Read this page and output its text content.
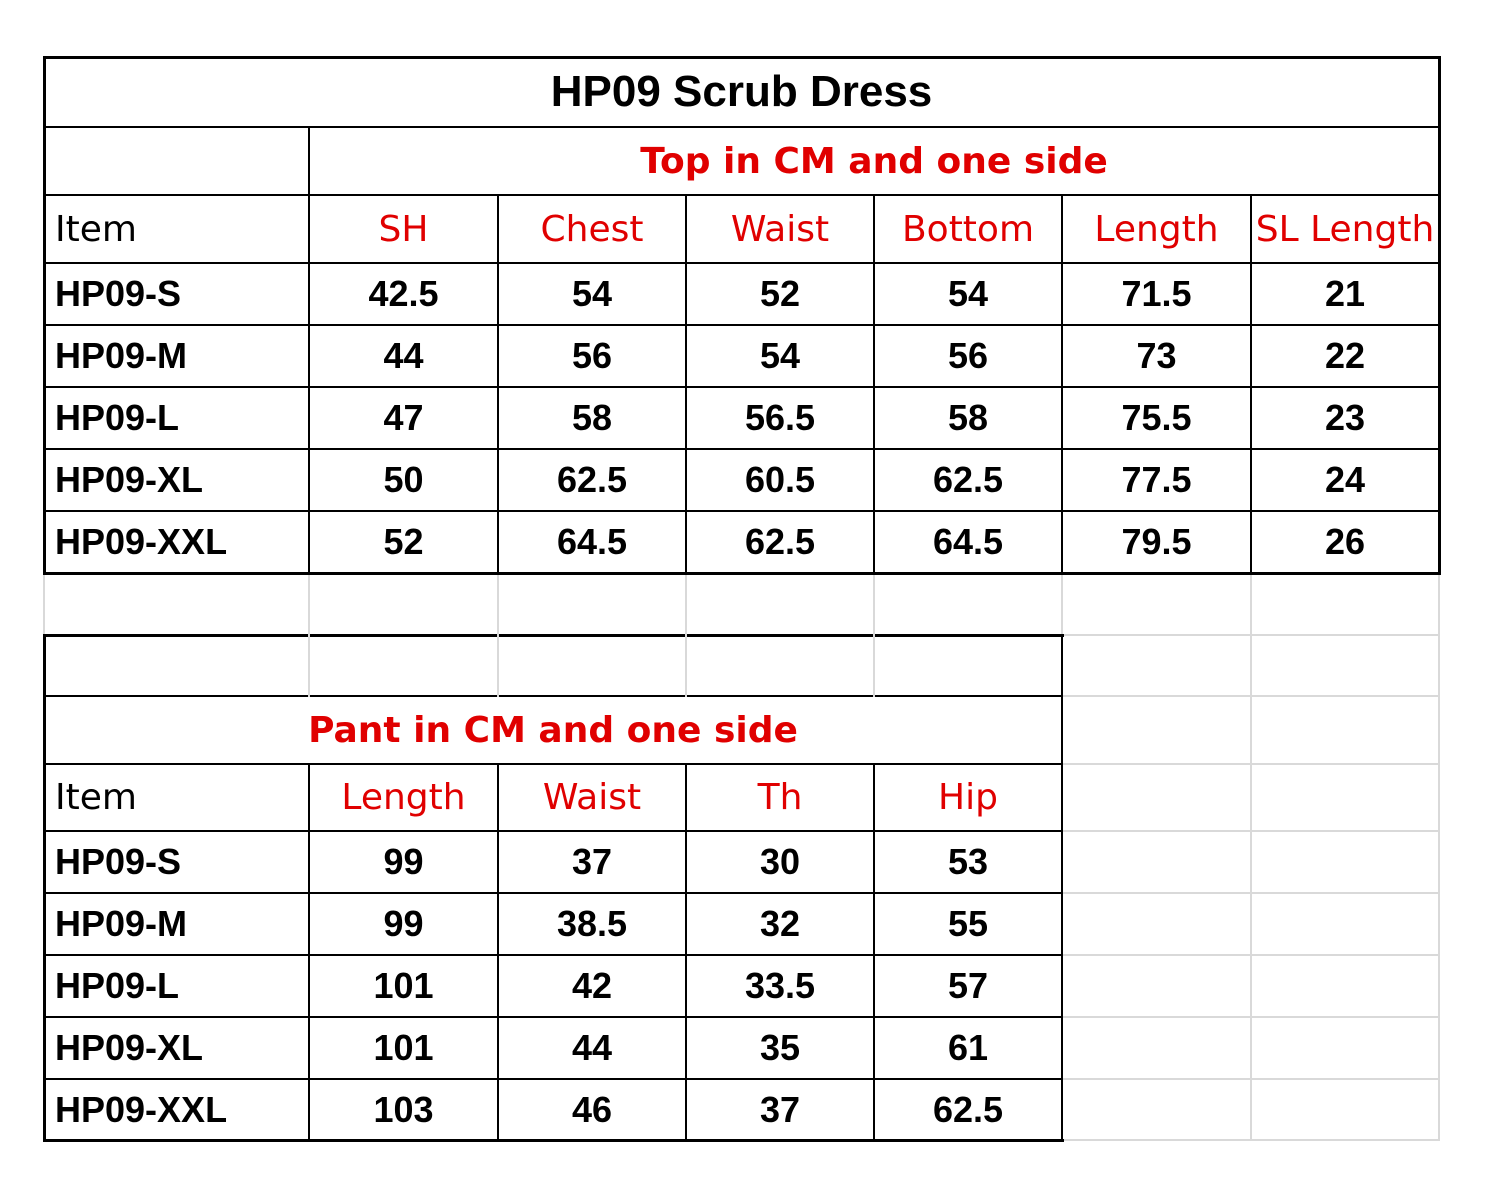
HP09 Scrub Dress
Top in CM and one side
Item	SH	Chest	Waist	Bottom	Length	SL Length
HP09-S	42.5	54	52	54	71.5	21
HP09-M	44	56	54	56	73	22
HP09-L	47	58	56.5	58	75.5	23
HP09-XL	50	62.5	60.5	62.5	77.5	24
HP09-XXL	52	64.5	62.5	64.5	79.5	26
Pant in CM and one side
Item	Length	Waist	Th	Hip
HP09-S	99	37	30	53
HP09-M	99	38.5	32	55
HP09-L	101	42	33.5	57
HP09-XL	101	44	35	61
HP09-XXL	103	46	37	62.5
